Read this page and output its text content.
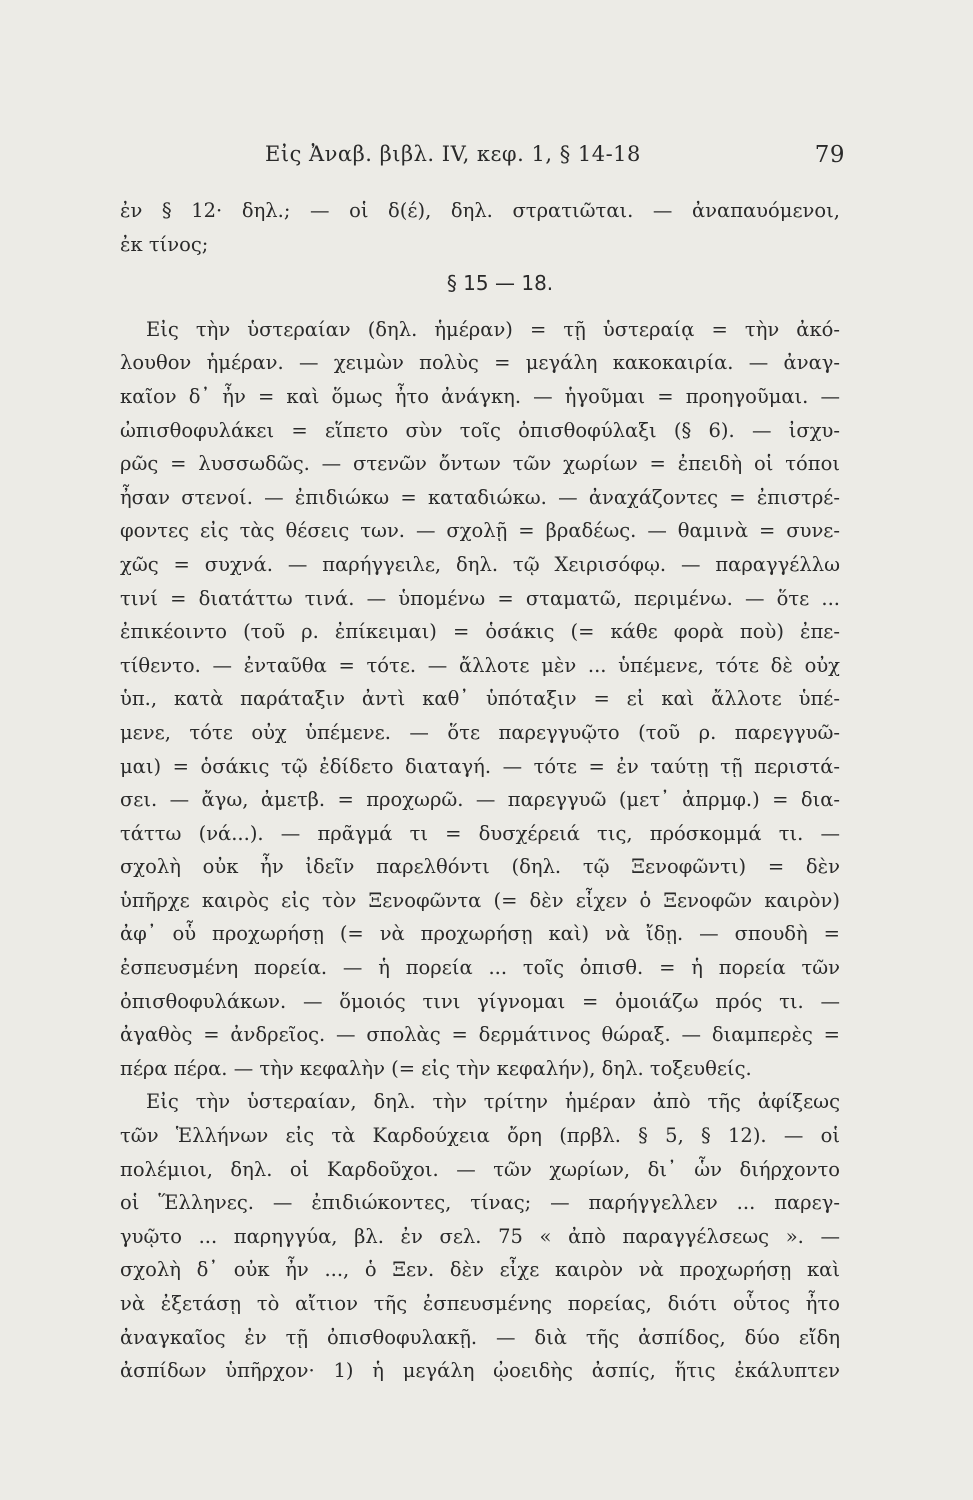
Εἰς Ἀναβ. βιβλ. IV, κεφ. 1, § 14-18	79
ἐν § 12· δηλ.; — οἱ δ(έ), δηλ. στρατιῶται. — ἀναπαυόμενοι,
ἐκ τίνος;
§ 15 — 18.
Εἰς τὴν ὑστεραίαν (δηλ. ἡμέραν) = τῇ ὑστεραίᾳ = τὴν ἀκό-
λουθον ἡμέραν. — χειμὼν πολὺς = μεγάλη κακοκαιρία. — ἀναγ-
καῖον δ᾽ ἦν = καὶ ὅμως ἦτο ἀνάγκη. — ἡγοῦμαι = προηγοῦμαι. —
ὠπισθοφυλάκει = εἵπετο σὺν τοῖς ὀπισθοφύλαξι (§ 6). — ἰσχυ-
ρῶς = λυσσωδῶς. — στενῶν ὄντων τῶν χωρίων = ἐπειδὴ οἱ τόποι
ἦσαν στενοί. — ἐπιδιώκω = καταδιώκω. — ἀναχάζοντες = ἐπιστρέ-
φοντες εἰς τὰς θέσεις των. — σχολῇ = βραδέως. — θαμινὰ = συνε-
χῶς = συχνά. — παρήγγειλε, δηλ. τῷ Χειρισόφῳ. — παραγγέλλω
τινί = διατάττω τινά. — ὑπομένω = σταματῶ, περιμένω. — ὅτε ...
ἐπικέοιντο (τοῦ ρ. ἐπίκειμαι) = ὁσάκις (= κάθε φορὰ ποὺ) ἐπε-
τίθεντο. — ἐνταῦθα = τότε. — ἄλλοτε μὲν ... ὑπέμενε, τότε δὲ οὐχ
ὑπ., κατὰ παράταξιν ἀντὶ καθ᾽ ὑπόταξιν = εἰ καὶ ἄλλοτε ὑπέ-
μενε, τότε οὐχ ὑπέμενε. — ὅτε παρεγγυῷτο (τοῦ ρ. παρεγγυῶ-
μαι) = ὁσάκις τῷ ἐδίδετο διαταγή. — τότε = ἐν ταύτῃ τῇ περιστά-
σει. — ἄγω, ἀμετβ. = προχωρῶ. — παρεγγυῶ (μετ᾽ ἀπρμφ.) = δια-
τάττω (νά...). — πρᾶγμά τι = δυσχέρειά τις, πρόσκομμά τι. —
σχολὴ οὐκ ἦν ἰδεῖν παρελθόντι (δηλ. τῷ Ξενοφῶντι) = δὲν
ὑπῆρχε καιρὸς εἰς τὸν Ξενοφῶντα (= δὲν εἶχεν ὁ Ξενοφῶν καιρὸν)
ἀφ᾽ οὗ προχωρήσῃ (= νὰ προχωρήσῃ καὶ) νὰ ἴδῃ. — σπουδὴ =
ἐσπευσμένη πορεία. — ἡ πορεία ... τοῖς ὀπισθ. = ἡ πορεία τῶν
ὀπισθοφυλάκων. — ὅμοιός τινι γίγνομαι = ὁμοιάζω πρός τι. —
ἀγαθὸς = ἀνδρεῖος. — σπολὰς = δερμάτινος θώραξ. — διαμπερὲς =
πέρα πέρα. — τὴν κεφαλὴν (= εἰς τὴν κεφαλήν), δηλ. τοξευθείς.
Εἰς τὴν ὑστεραίαν, δηλ. τὴν τρίτην ἡμέραν ἀπὸ τῆς ἀφίξεως
τῶν Ἑλλήνων εἰς τὰ Καρδούχεια ὄρη (πρβλ. § 5, § 12). — οἱ
πολέμιοι, δηλ. οἱ Καρδοῦχοι. — τῶν χωρίων, δι᾽ ὧν διήρχοντο
οἱ Ἕλληνες. — ἐπιδιώκοντες, τίνας; — παρήγγελλεν ... παρεγ-
γυῷτο ... παρηγγύα, βλ. ἐν σελ. 75 « ἀπὸ παραγγέλσεως ». —
σχολὴ δ᾽ οὐκ ἦν ..., ὁ Ξεν. δὲν εἶχε καιρὸν νὰ προχωρήσῃ καὶ
νὰ ἐξετάσῃ τὸ αἴτιον τῆς ἐσπευσμένης πορείας, διότι οὗτος ἦτο
ἀναγκαῖος ἐν τῇ ὀπισθοφυλακῇ. — διὰ τῆς ἀσπίδος, δύο εἴδη
ἀσπίδων ὑπῆρχον· 1) ἡ μεγάλη ᾠοειδὴς ἀσπίς, ἥτις ἐκάλυπτεν
